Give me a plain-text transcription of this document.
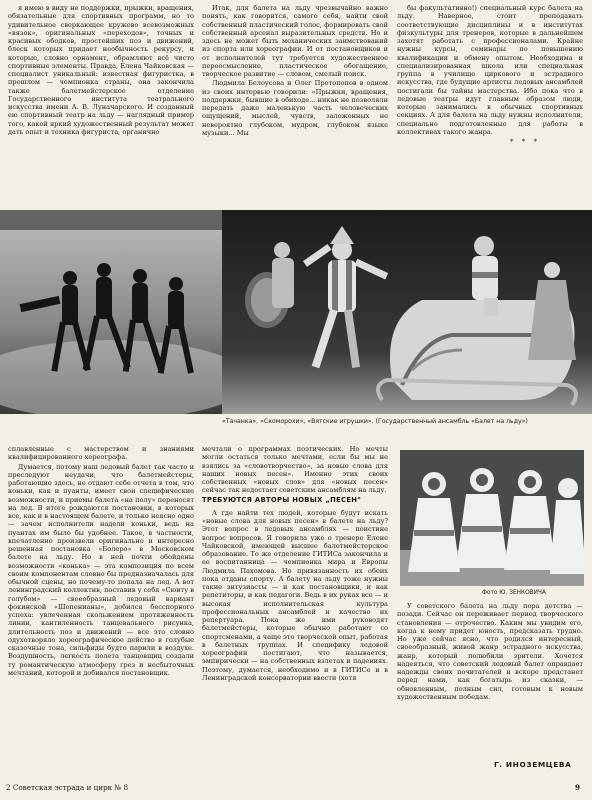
я имею в виду не поддержки, прыжки, вращения, обязательные для спортивных программ, но то удивительное сверкающее кружево всевозможных «вязок», оригинальных «переходов», точных и красивых ободков, простейших поз и движений, блеск которых придает необычность рекурсу, и которые, словно орнамент, обрамляют всё чисто спортивные элементы. Правда, Елена Чайковская — специалист уникальный: известная фигуристка, в прошлом — чемпионка страны, она закончила также балетмейстерское отделение Государственного института театрального искусства имени А. В. Луначарского. И созданный ею спортивный театр на льду — наглядный пример того, какой яркий художественный результат может дать опыт и техника фигуриста, органично

Итак, для балета на льду чрезвычайно важно понять, как говорится, самого себя, найти свой собственный пластический голос, формировать свой собственный арсенал выразительных средств. Но и здесь не может быть механических заимствований из спорта или хореографии. И от постановщиков и от исполнителей тут требуется художественное переосмысление, пластическое обогащение, творческое развитие — словом, смелый поиск.

Людмила Белоусова и Олег Протопопов в одном из своих интервью говорили: «Прыжки, вращения, поддержки, бывшие в обиходе... никак не позволяли передать даже маленькую часть человеческих ощущений, мыслей, чувств, заложенных не невероятно глубоком, мудром, глубоком языке музыки... Мы

бы факультативно!) специальный курс балета на льду. Наверное, стоит преподавать соответствующие дисциплины и в институтах физкультуры для тренеров, которые в дальнейшем захотят работать с профессионалами. Крайне нужны курсы, семинары по повышению квалификации и обмену опытом. Необходима и специализированная школа или специальная группа в училище циркового и эстрадного искусства, где будущие артисты ледовых ансамблей постигали бы тайны мастерства. Ибо пока что в ледовые театры идут главным образом люди, которые занимались в обычных спортивных секциях. А для балета на льду нужны исполнители, специально подготовленные для работы в коллективах такого жанра.

* * *
«Тачанка», «Скоморохи», «Вятские игрушки». (Государственный ансамбль «Балет на льду»)

сплавленные с мастерством и знаниями квалифицированного хореографа.

Думается, потому наш ледовый балет так часто и преследуют неудачи, что балетмейстеры, работающие здесь, не отдают себе отчета в том, что коньки, как и пуанты, имеет свои специфические возможности, и приемы балета «на полу» переносят на лед. В итоге рождаются постановки, в которых все, как и в настоящем балете, и только неясно одно — зачем исполнители надели коньки, ведь на пуантах им было бы удобнее. Такое, в частности, впечатление произвели оригинально и интересно решенная постановка «Болеро» в Московском балете на льду. Но в ней почти обойдены возможности «конька» — эта композиция по всем своим компонентам словно бы предназначалась для обычной сцены, но почему-то попала на лед. А вот ленинградский коллектив, поставив у себя «Сюиту в голубом» — своеобразный ледовый вариант фокинской «Шопенианы», добился бесспорного успеха: увлеченная скольжением протяженность линии, кантиленность танцевального рисунка, длительность поз и движений — все это словно одухотворяло хореографическое действо в голубые сказочные тона, сильфиды будто парили в воздухе. Воздушность, легкость полета танцовщиц создали ту романтическую атмосферу грез и несбыточных мечтаний, которой и добивался постановщик.

мечтали о программах поэтических. Но мечты могли остаться только мечтами, если бы мы не взялись за «словотворчество», за новые слова для наших новых песен». Именно этих своих собственных «новых слов» для «новых песен» сейчас так недостает советским ансамблям на льду.

ТРЕБУЮТСЯ АВТОРЫ НОВЫХ „ПЕСЕН"

А где найти тех людей, которые будут искать «новые слова для новых песен» в балете на льду? Этот вопрос в ледовых ансамблях — поистине вопрос вопросов. Я говорила уже о тренере Елене Чайковской, имеющей высшее балетмейстерское образование. То же отделение ГИТИСа закончила и ее воспитанница — чемпионка мира и Европы Людмила Пахомова. Но привязанность их обеих пока отданы спорту. А балету на льду тоже нужны такие энтузиасты — и как постановщики, и как репетиторы, и как педагоги. Ведь в их руках все — и высокая исполнительская культура профессиональных ансамблей и качество их репертуара. Пока же ими руководят балетмейстеры, которые обычно работают со спортсменами, а чаще это творческой опыт, работая в балетных труппах. И специфику ледовой хореографии постигают, что называется, эмпирически — на собственных взлетах и падениях. Поэтому, думается, необходимо и в ГИТИСе и в Ленинградской консерватории ввести (хотя

Фото Ю. ЗЕНКОВИЧА

У советского балета на льду пора детства — позади. Сейчас он переживает период творческого становления — отрочество. Каким мы увидим его, когда к нему придет юность, предсказать трудно. Но уже сейчас ясно, что родился интересный, своеобразный, живой жанр эстрадного искусства, жанр, который полюбили зрители. Хочется надеяться, что советский ледовый балет оправдает надежды своих почитателей и вскоре предстанет перед нами, как богатырь из сказки, — обновленным, полным сил, готовым к новым художественным победам.

Г. ИНОЗЕМЦЕВА
2 Советская эстрада и цирк № 8	9
